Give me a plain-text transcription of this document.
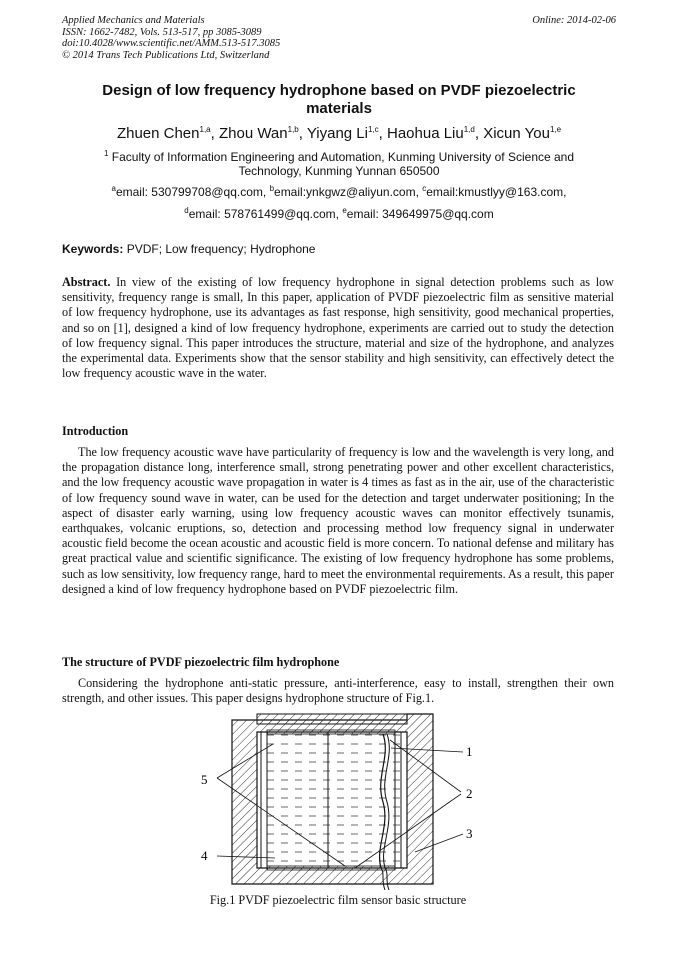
Applied Mechanics and Materials
ISSN: 1662-7482, Vols. 513-517, pp 3085-3089
doi:10.4028/www.scientific.net/AMM.513-517.3085
© 2014 Trans Tech Publications Ltd, Switzerland
Online: 2014-02-06
Design of low frequency hydrophone based on PVDF piezoelectric materials
Zhuen Chen$^{1,a}$, Zhou Wan$^{1,b}$, Yiyang Li$^{1,c}$, Haohua Liu$^{1,d}$, Xicun You$^{1,e}$
$^1$ Faculty of Information Engineering and Automation, Kunming University of Science and
Technology, Kunming Yunnan 650500
$^a$email: 530799708@qq.com, $^b$email:ynkgwz@aliyun.com, $^c$email:kmustlyy@163.com,
$^d$email: 578761499@qq.com, $^e$email: 349649975@qq.com
Keywords: PVDF; Low frequency; Hydrophone

Abstract. In view of the existing of low frequency hydrophone in signal detection problems such as low sensitivity, frequency range is small, In this paper, application of PVDF piezoelectric film as sensitive material of low frequency hydrophone, use its advantages as fast response, high sensitivity, good mechanical properties, and so on [1], designed a kind of low frequency hydrophone, experiments are carried out to study the detection of low frequency signal. This paper introduces the structure, material and size of the hydrophone, and analyzes the experimental data. Experiments show that the sensor stability and high sensitivity, can effectively detect the low frequency acoustic wave in the water.

Introduction

The low frequency acoustic wave have particularity of frequency is low and the wavelength is very long, and the propagation distance long, interference small, strong penetrating power and other excellent characteristics, and the low frequency acoustic wave propagation in water is 4 times as fast as in the air, use of the characteristic of low frequency sound wave in water, can be used for the detection and target underwater positioning; In the aspect of disaster early warning, using low frequency acoustic waves can monitor effectively tsunamis, earthquakes, volcanic eruptions, so, detection and processing method low frequency signal in underwater acoustic field become the ocean acoustic and acoustic field is more concern. To national defense and military has great practical value and scientific significance. The existing of low frequency hydrophone has some problems, such as low sensitivity, low frequency range, hard to meet the environmental requirements. As a result, this paper designed a kind of low frequency hydrophone based on PVDF piezoelectric film.

The structure of PVDF piezoelectric film hydrophone

Considering the hydrophone anti-static pressure, anti-interference, easy to install, strengthen their own strength, and other issues. This paper designs hydrophone structure of Fig.1.

1
2
3
4
5
Fig.1 PVDF piezoelectric film sensor basic structure
